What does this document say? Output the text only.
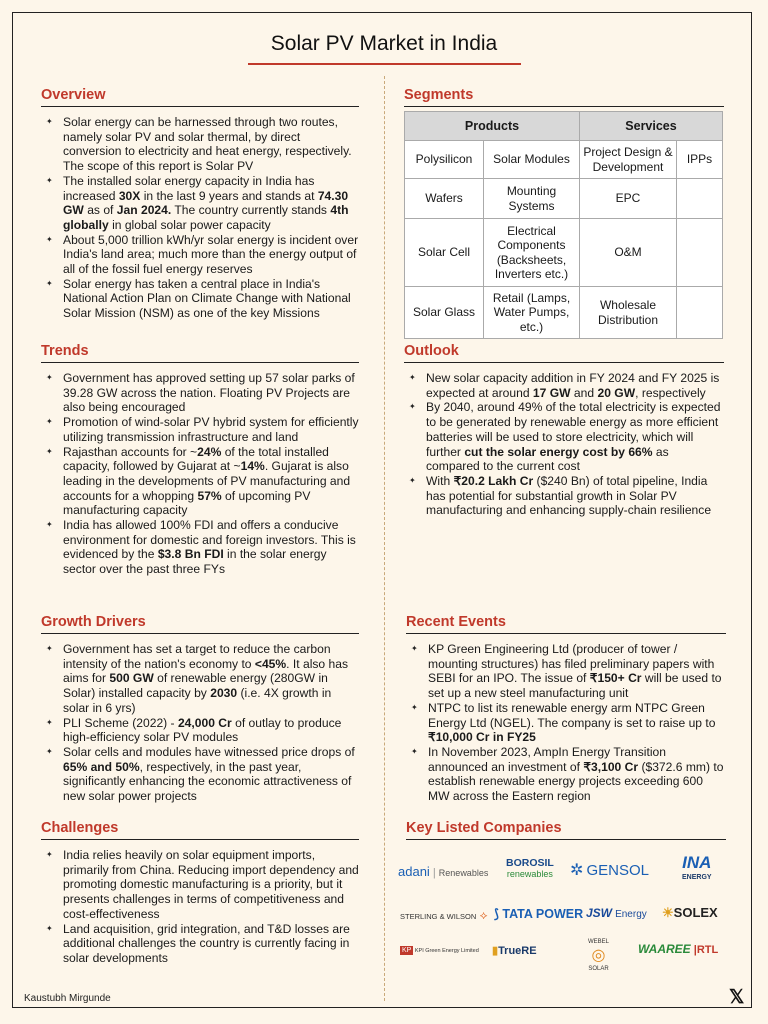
Solar PV Market in India
Overview
✦ Solar energy can be harnessed through two routes, namely solar PV and solar thermal, by direct conversion to electricity and heat energy, respectively. The scope of this report is Solar PV
✦ The installed solar energy capacity in India has increased 30X in the last 9 years and stands at 74.30 GW as of Jan 2024. The country currently stands 4th globally in global solar power capacity
✦ About 5,000 trillion kWh/yr solar energy is incident over India's land area; much more than the energy output of all of the fossil fuel energy reserves
✦ Solar energy has taken a central place in India's National Action Plan on Climate Change with National Solar Mission (NSM) as one of the key Missions
Trends
✦ Government has approved setting up 57 solar parks of 39.28 GW across the nation. Floating PV Projects are also being encouraged
✦ Promotion of wind-solar PV hybrid system for efficiently utilizing transmission infrastructure and land
✦ Rajasthan accounts for ~24% of the total installed capacity, followed by Gujarat at ~14%. Gujarat is also leading in the developments of PV manufacturing and accounts for a whopping 57% of upcoming PV manufacturing capacity
✦ India has allowed 100% FDI and offers a conducive environment for domestic and foreign investors. This is evidenced by the $3.8 Bn FDI in the solar energy sector over the past three FYs
Growth Drivers
✦ Government has set a target to reduce the carbon intensity of the nation's economy to <45%. It also has aims for 500 GW of renewable energy (280GW in Solar) installed capacity by 2030 (i.e. 4X growth in solar in 6 yrs)
✦ PLI Scheme (2022) - 24,000 Cr of outlay to produce high-efficiency solar PV modules
✦ Solar cells and modules have witnessed price drops of 65% and 50%, respectively, in the past year, significantly enhancing the economic attractiveness of new solar power projects
Challenges
✦ India relies heavily on solar equipment imports, primarily from China. Reducing import dependency and promoting domestic manufacturing is a priority, but it presents challenges in terms of competitiveness and cost-effectiveness
✦ Land acquisition, grid integration, and T&D losses are additional challenges the country is currently facing in solar developments
Segments
Products		Services	
Polysilicon	Solar Modules	Project Design & Development	IPPs
Wafers	Mounting Systems	EPC	
Solar Cell	Electrical Components (Backsheets, Inverters etc.)	O&M	
Solar Glass	Retail (Lamps, Water Pumps, etc.)	Wholesale Distribution	
Outlook
✦ New solar capacity addition in FY 2024 and FY 2025 is expected at around 17 GW and 20 GW, respectively
✦ By 2040, around 49% of the total electricity is expected to be generated by renewable energy as more efficient batteries will be used to store electricity, which will further cut the solar energy cost by 66% as compared to the current cost
✦ With ₹20.2 Lakh Cr ($240 Bn) of total pipeline, India has potential for substantial growth in Solar PV manufacturing and enhancing supply-chain resilience
Recent Events
✦ KP Green Engineering Ltd (producer of tower / mounting structures) has filed preliminary papers with SEBI for an IPO. The issue of ₹150+ Cr will be used to set up a new steel manufacturing unit
✦ NTPC to list its renewable energy arm NTPC Green Energy Ltd (NGEL). The company is set to raise up to ₹10,000 Cr in FY25
✦ In November 2023, AmpIn Energy Transition announced an investment of ₹3,100 Cr ($372.6 mm) to establish renewable energy projects exceeding 600 MW across the Eastern region
Key Listed Companies
adani | Renewables
BOROSIL
renewables ✲ GENSOL INA
ENERGY
STERLING & WILSON ⟡ ⟆ TATA POWER JSW Energy ☀SOLEX
KP KPI Green Energy Limited ▮TrueRE
WEBEL
◎
SOLAR
WAAREE |RTL
Kaustubh Mirgunde	𝕏
